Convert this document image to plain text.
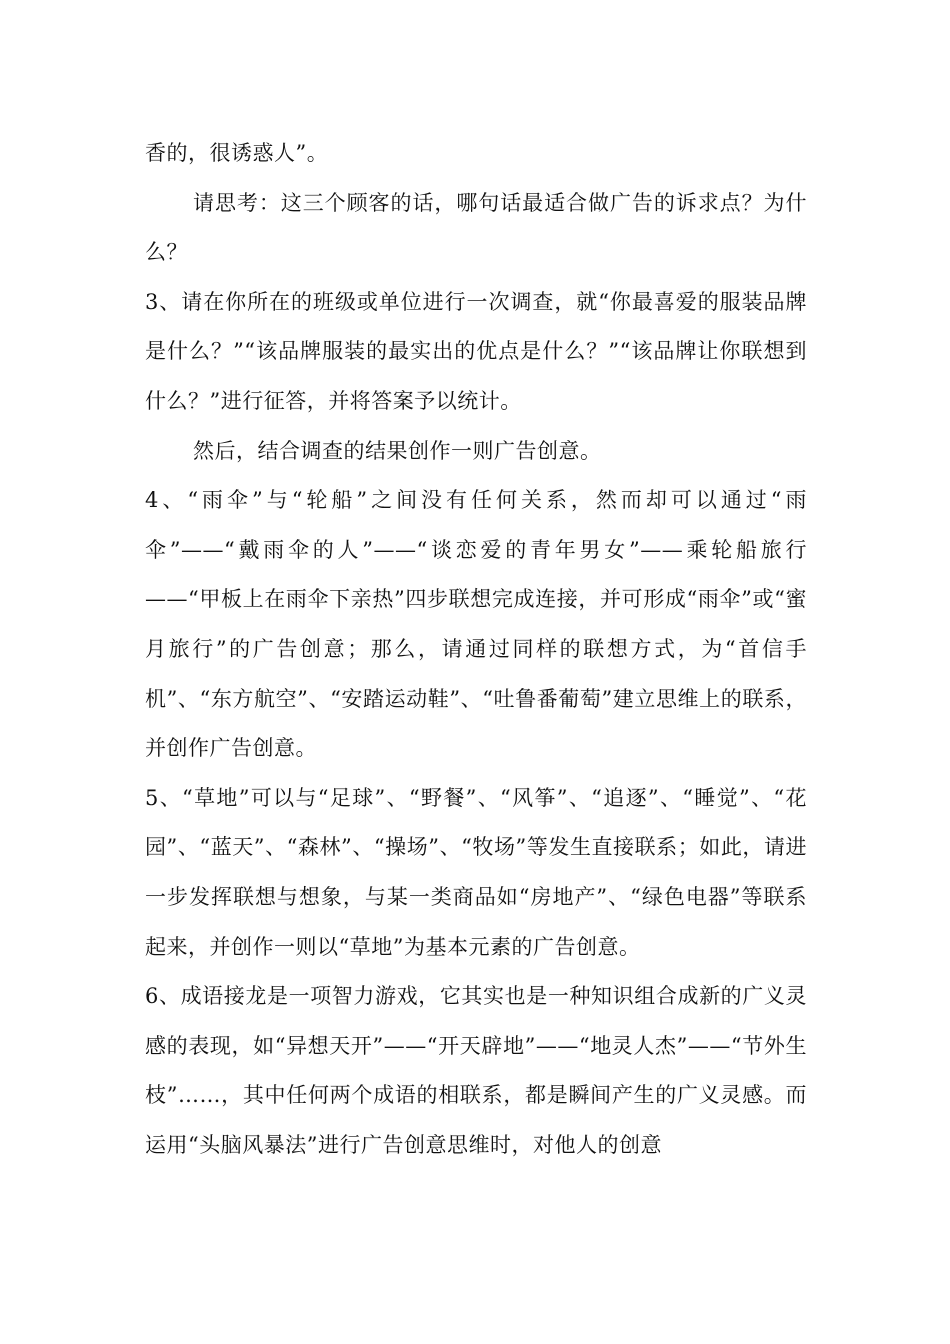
香的，很诱惑人”。

请思考：这三个顾客的话，哪句话最适合做广告的诉求点？为什么？

3、请在你所在的班级或单位进行一次调查，就“你最喜爱的服装品牌是什么？”“该品牌服装的最实出的优点是什么？”“该品牌让你联想到什么？”进行征答，并将答案予以统计。

然后，结合调查的结果创作一则广告创意。

4、“雨伞”与“轮船”之间没有任何关系，然而却可以通过“雨伞”——“戴雨伞的人”——“谈恋爱的青年男女”——乘轮船旅行——“甲板上在雨伞下亲热”四步联想完成连接，并可形成“雨伞”或“蜜月旅行”的广告创意；那么，请通过同样的联想方式，为“首信手机”、“东方航空”、“安踏运动鞋”、“吐鲁番葡萄”建立思维上的联系，并创作广告创意。

5、“草地”可以与“足球”、“野餐”、“风筝”、“追逐”、“睡觉”、“花园”、“蓝天”、“森林”、“操场”、“牧场”等发生直接联系；如此，请进一步发挥联想与想象，与某一类商品如“房地产”、“绿色电器”等联系起来，并创作一则以“草地”为基本元素的广告创意。

6、成语接龙是一项智力游戏，它其实也是一种知识组合成新的广义灵感的表现，如“异想天开”——“开天辟地”——“地灵人杰”——“节外生枝”……，其中任何两个成语的相联系，都是瞬间产生的广义灵感。而运用“头脑风暴法”进行广告创意思维时，对他人的创意
